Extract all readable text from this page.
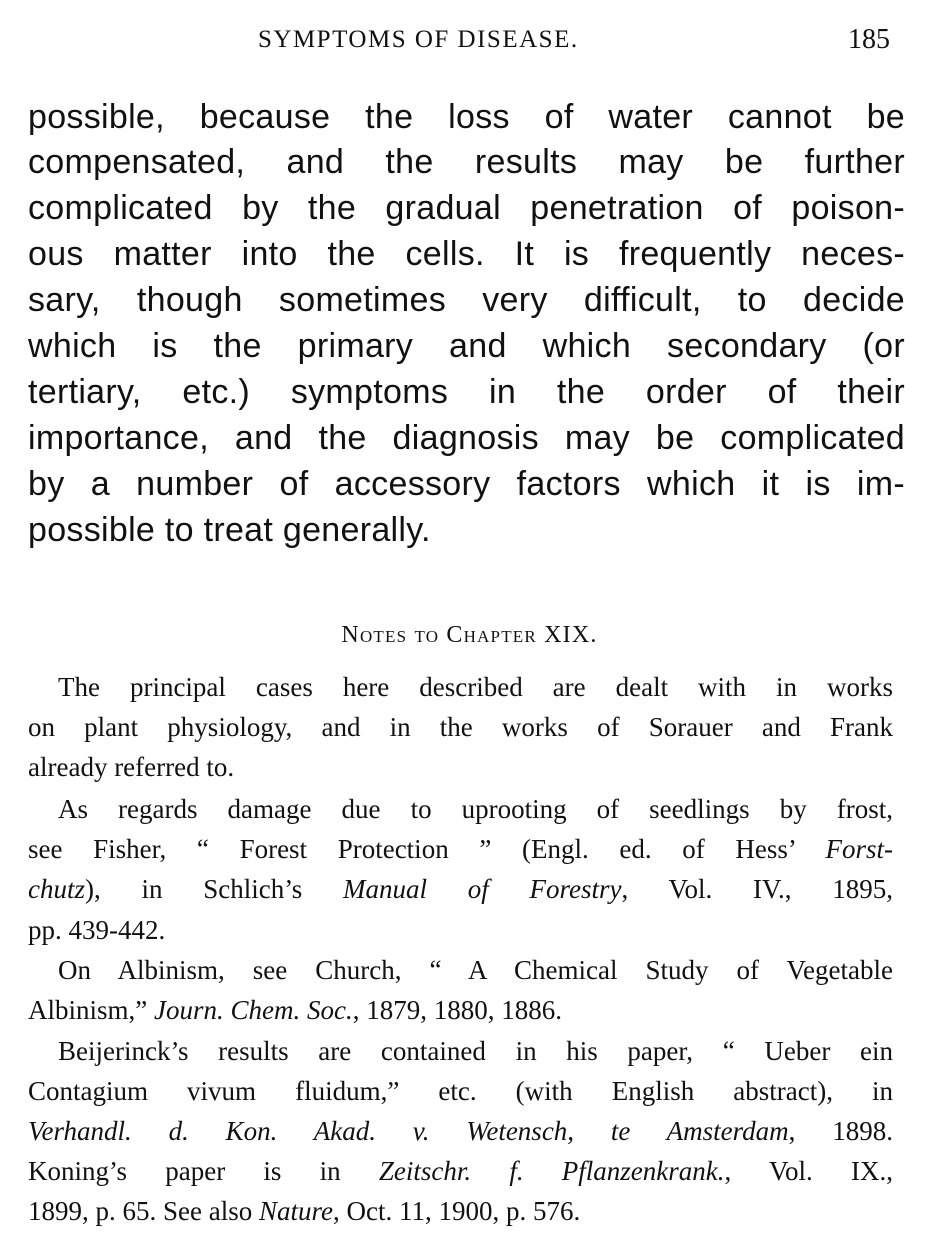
SYMPTOMS OF DISEASE.	185
possible, because the loss of water cannot be
compensated, and the results may be further
complicated by the gradual penetration of poison-
ous matter into the cells. It is frequently neces-
sary, though sometimes very difficult, to decide
which is the primary and which secondary (or
tertiary, etc.) symptoms in the order of their
importance, and the diagnosis may be complicated
by a number of accessory factors which it is im-
possible to treat generally.
Notes to Chapter XIX.
The principal cases here described are dealt with in works
on plant physiology, and in the works of Sorauer and Frank
already referred to.
As regards damage due to uprooting of seedlings by frost,
see Fisher, “ Forest Protection ” (Engl. ed. of Hess’ Forst-
chutz), in Schlich’s Manual of Forestry, Vol. IV., 1895,
pp. 439-442.
On Albinism, see Church, “ A Chemical Study of Vegetable
Albinism,” Journ. Chem. Soc., 1879, 1880, 1886.
Beijerinck’s results are contained in his paper, “ Ueber ein
Contagium vivum fluidum,” etc. (with English abstract), in
Verhandl. d. Kon. Akad. v. Wetensch, te Amsterdam, 1898.
Koning’s paper is in Zeitschr. f. Pflanzenkrank., Vol. IX.,
1899, p. 65. See also Nature, Oct. 11, 1900, p. 576.
